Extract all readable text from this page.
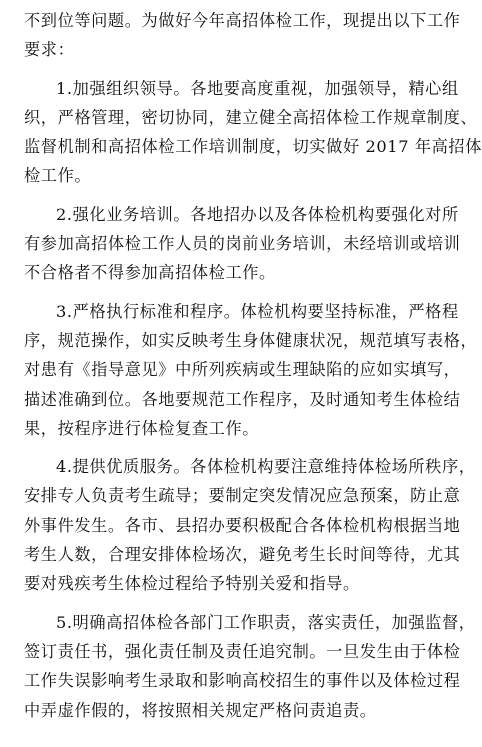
不到位等问题。为做好今年高招体检工作，现提出以下工作
要求：
1.加强组织领导。各地要高度重视，加强领导，精心组
织，严格管理，密切协同，建立健全高招体检工作规章制度、
监督机制和高招体检工作培训制度，切实做好 2017 年高招体
检工作。
2.强化业务培训。各地招办以及各体检机构要强化对所
有参加高招体检工作人员的岗前业务培训，未经培训或培训
不合格者不得参加高招体检工作。
3.严格执行标准和程序。体检机构要坚持标准，严格程
序，规范操作，如实反映考生身体健康状况，规范填写表格，
对患有《指导意见》中所列疾病或生理缺陷的应如实填写，
描述准确到位。各地要规范工作程序，及时通知考生体检结
果，按程序进行体检复查工作。
4.提供优质服务。各体检机构要注意维持体检场所秩序，
安排专人负责考生疏导；要制定突发情况应急预案，防止意
外事件发生。各市、县招办要积极配合各体检机构根据当地
考生人数，合理安排体检场次，避免考生长时间等待，尤其
要对残疾考生体检过程给予特别关爱和指导。
5.明确高招体检各部门工作职责，落实责任，加强监督，
签订责任书，强化责任制及责任追究制。一旦发生由于体检
工作失误影响考生录取和影响高校招生的事件以及体检过程
中弄虚作假的，将按照相关规定严格问责追责。
